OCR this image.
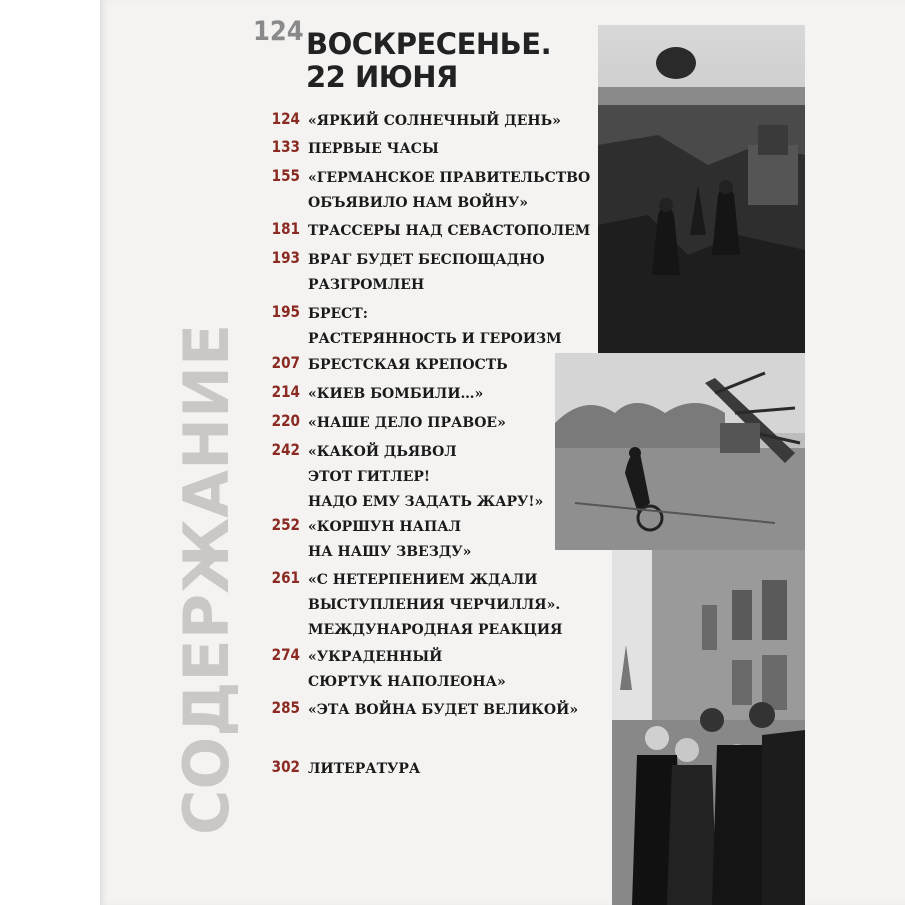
СОДЕРЖАНИЕ
124 ВОСКРЕСЕНЬЕ.
22 ИЮНЯ
124 «ЯРКИЙ СОЛНЕЧНЫЙ ДЕНЬ»
133 ПЕРВЫЕ ЧАСЫ
155 «ГЕРМАНСКОЕ ПРАВИТЕЛЬСТВО
ОБЪЯВИЛО НАМ ВОЙНУ»
181 ТРАССЕРЫ НАД СЕВАСТОПОЛЕМ
193 ВРАГ БУДЕТ БЕСПОЩАДНО
РАЗГРОМЛЕН
195 БРЕСТ:
РАСТЕРЯННОСТЬ И ГЕРОИЗМ
207 БРЕСТСКАЯ КРЕПОСТЬ
214 «КИЕВ БОМБИЛИ…»
220 «НАШЕ ДЕЛО ПРАВОЕ»
242 «КАКОЙ ДЬЯВОЛ
ЭТОТ ГИТЛЕР!
НАДО ЕМУ ЗАДАТЬ ЖАРУ!»
252 «КОРШУН НАПАЛ
НА НАШУ ЗВЕЗДУ»
261 «С НЕТЕРПЕНИЕМ ЖДАЛИ
ВЫСТУПЛЕНИЯ ЧЕРЧИЛЛЯ».
МЕЖДУНАРОДНАЯ РЕАКЦИЯ
274 «УКРАДЕННЫЙ
СЮРТУК НАПОЛЕОНА»
285 «ЭТА ВОЙНА БУДЕТ ВЕЛИКОЙ»
302 ЛИТЕРАТУРА
